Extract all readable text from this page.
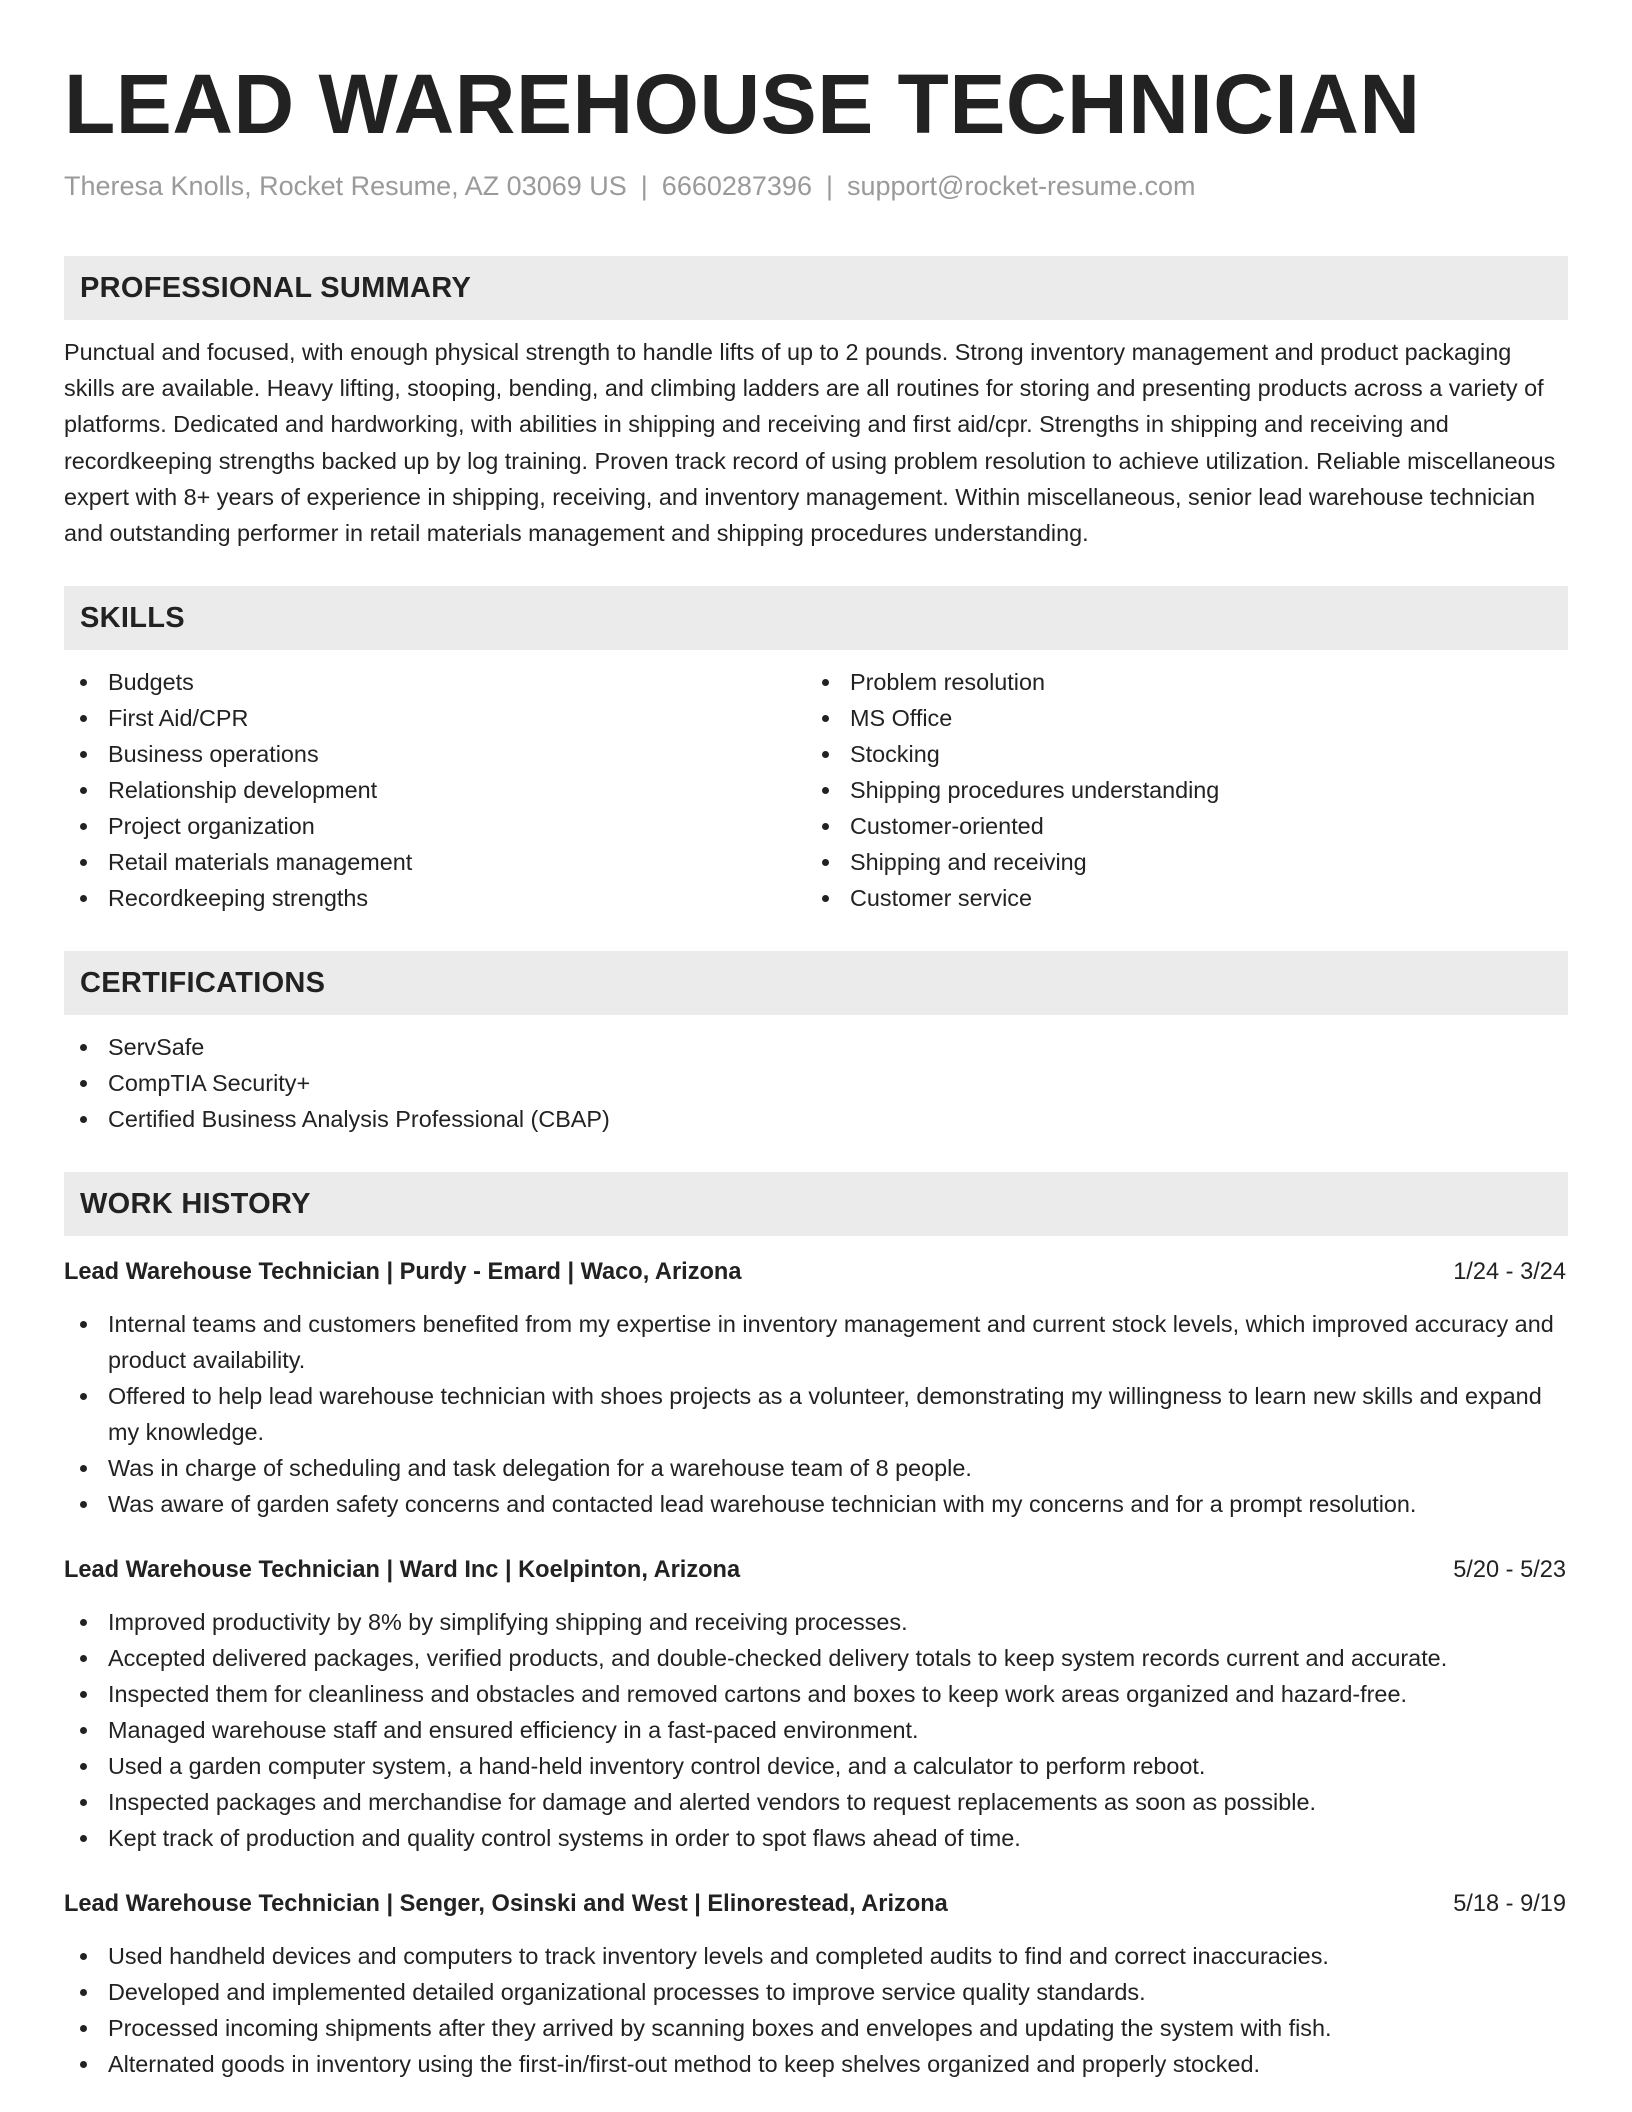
LEAD WAREHOUSE TECHNICIAN
Theresa Knolls, Rocket Resume, AZ 03069 US | 6660287396 | support@rocket-resume.com
PROFESSIONAL SUMMARY

Punctual and focused, with enough physical strength to handle lifts of up to 2 pounds. Strong inventory management and product packaging skills are available. Heavy lifting, stooping, bending, and climbing ladders are all routines for storing and presenting products across a variety of platforms. Dedicated and hardworking, with abilities in shipping and receiving and first aid/cpr. Strengths in shipping and receiving and recordkeeping strengths backed up by log training. Proven track record of using problem resolution to achieve utilization. Reliable miscellaneous expert with 8+ years of experience in shipping, receiving, and inventory management. Within miscellaneous, senior lead warehouse technician and outstanding performer in retail materials management and shipping procedures understanding.

SKILLS
Budgets
First Aid/CPR
Business operations
Relationship development
Project organization
Retail materials management
Recordkeeping strengths
Problem resolution
MS Office
Stocking
Shipping procedures understanding
Customer-oriented
Shipping and receiving
Customer service
CERTIFICATIONS
ServSafe
CompTIA Security+
Certified Business Analysis Professional (CBAP)
WORK HISTORY
Lead Warehouse Technician | Purdy - Emard | Waco, Arizona	1/24 - 3/24
Internal teams and customers benefited from my expertise in inventory management and current stock levels, which improved accuracy and product availability.
Offered to help lead warehouse technician with shoes projects as a volunteer, demonstrating my willingness to learn new skills and expand my knowledge.
Was in charge of scheduling and task delegation for a warehouse team of 8 people.
Was aware of garden safety concerns and contacted lead warehouse technician with my concerns and for a prompt resolution.
Lead Warehouse Technician | Ward Inc | Koelpinton, Arizona	5/20 - 5/23
Improved productivity by 8% by simplifying shipping and receiving processes.
Accepted delivered packages, verified products, and double-checked delivery totals to keep system records current and accurate.
Inspected them for cleanliness and obstacles and removed cartons and boxes to keep work areas organized and hazard-free.
Managed warehouse staff and ensured efficiency in a fast-paced environment.
Used a garden computer system, a hand-held inventory control device, and a calculator to perform reboot.
Inspected packages and merchandise for damage and alerted vendors to request replacements as soon as possible.
Kept track of production and quality control systems in order to spot flaws ahead of time.
Lead Warehouse Technician | Senger, Osinski and West | Elinorestead, Arizona	5/18 - 9/19
Used handheld devices and computers to track inventory levels and completed audits to find and correct inaccuracies.
Developed and implemented detailed organizational processes to improve service quality standards.
Processed incoming shipments after they arrived by scanning boxes and envelopes and updating the system with fish.
Alternated goods in inventory using the first-in/first-out method to keep shelves organized and properly stocked.
